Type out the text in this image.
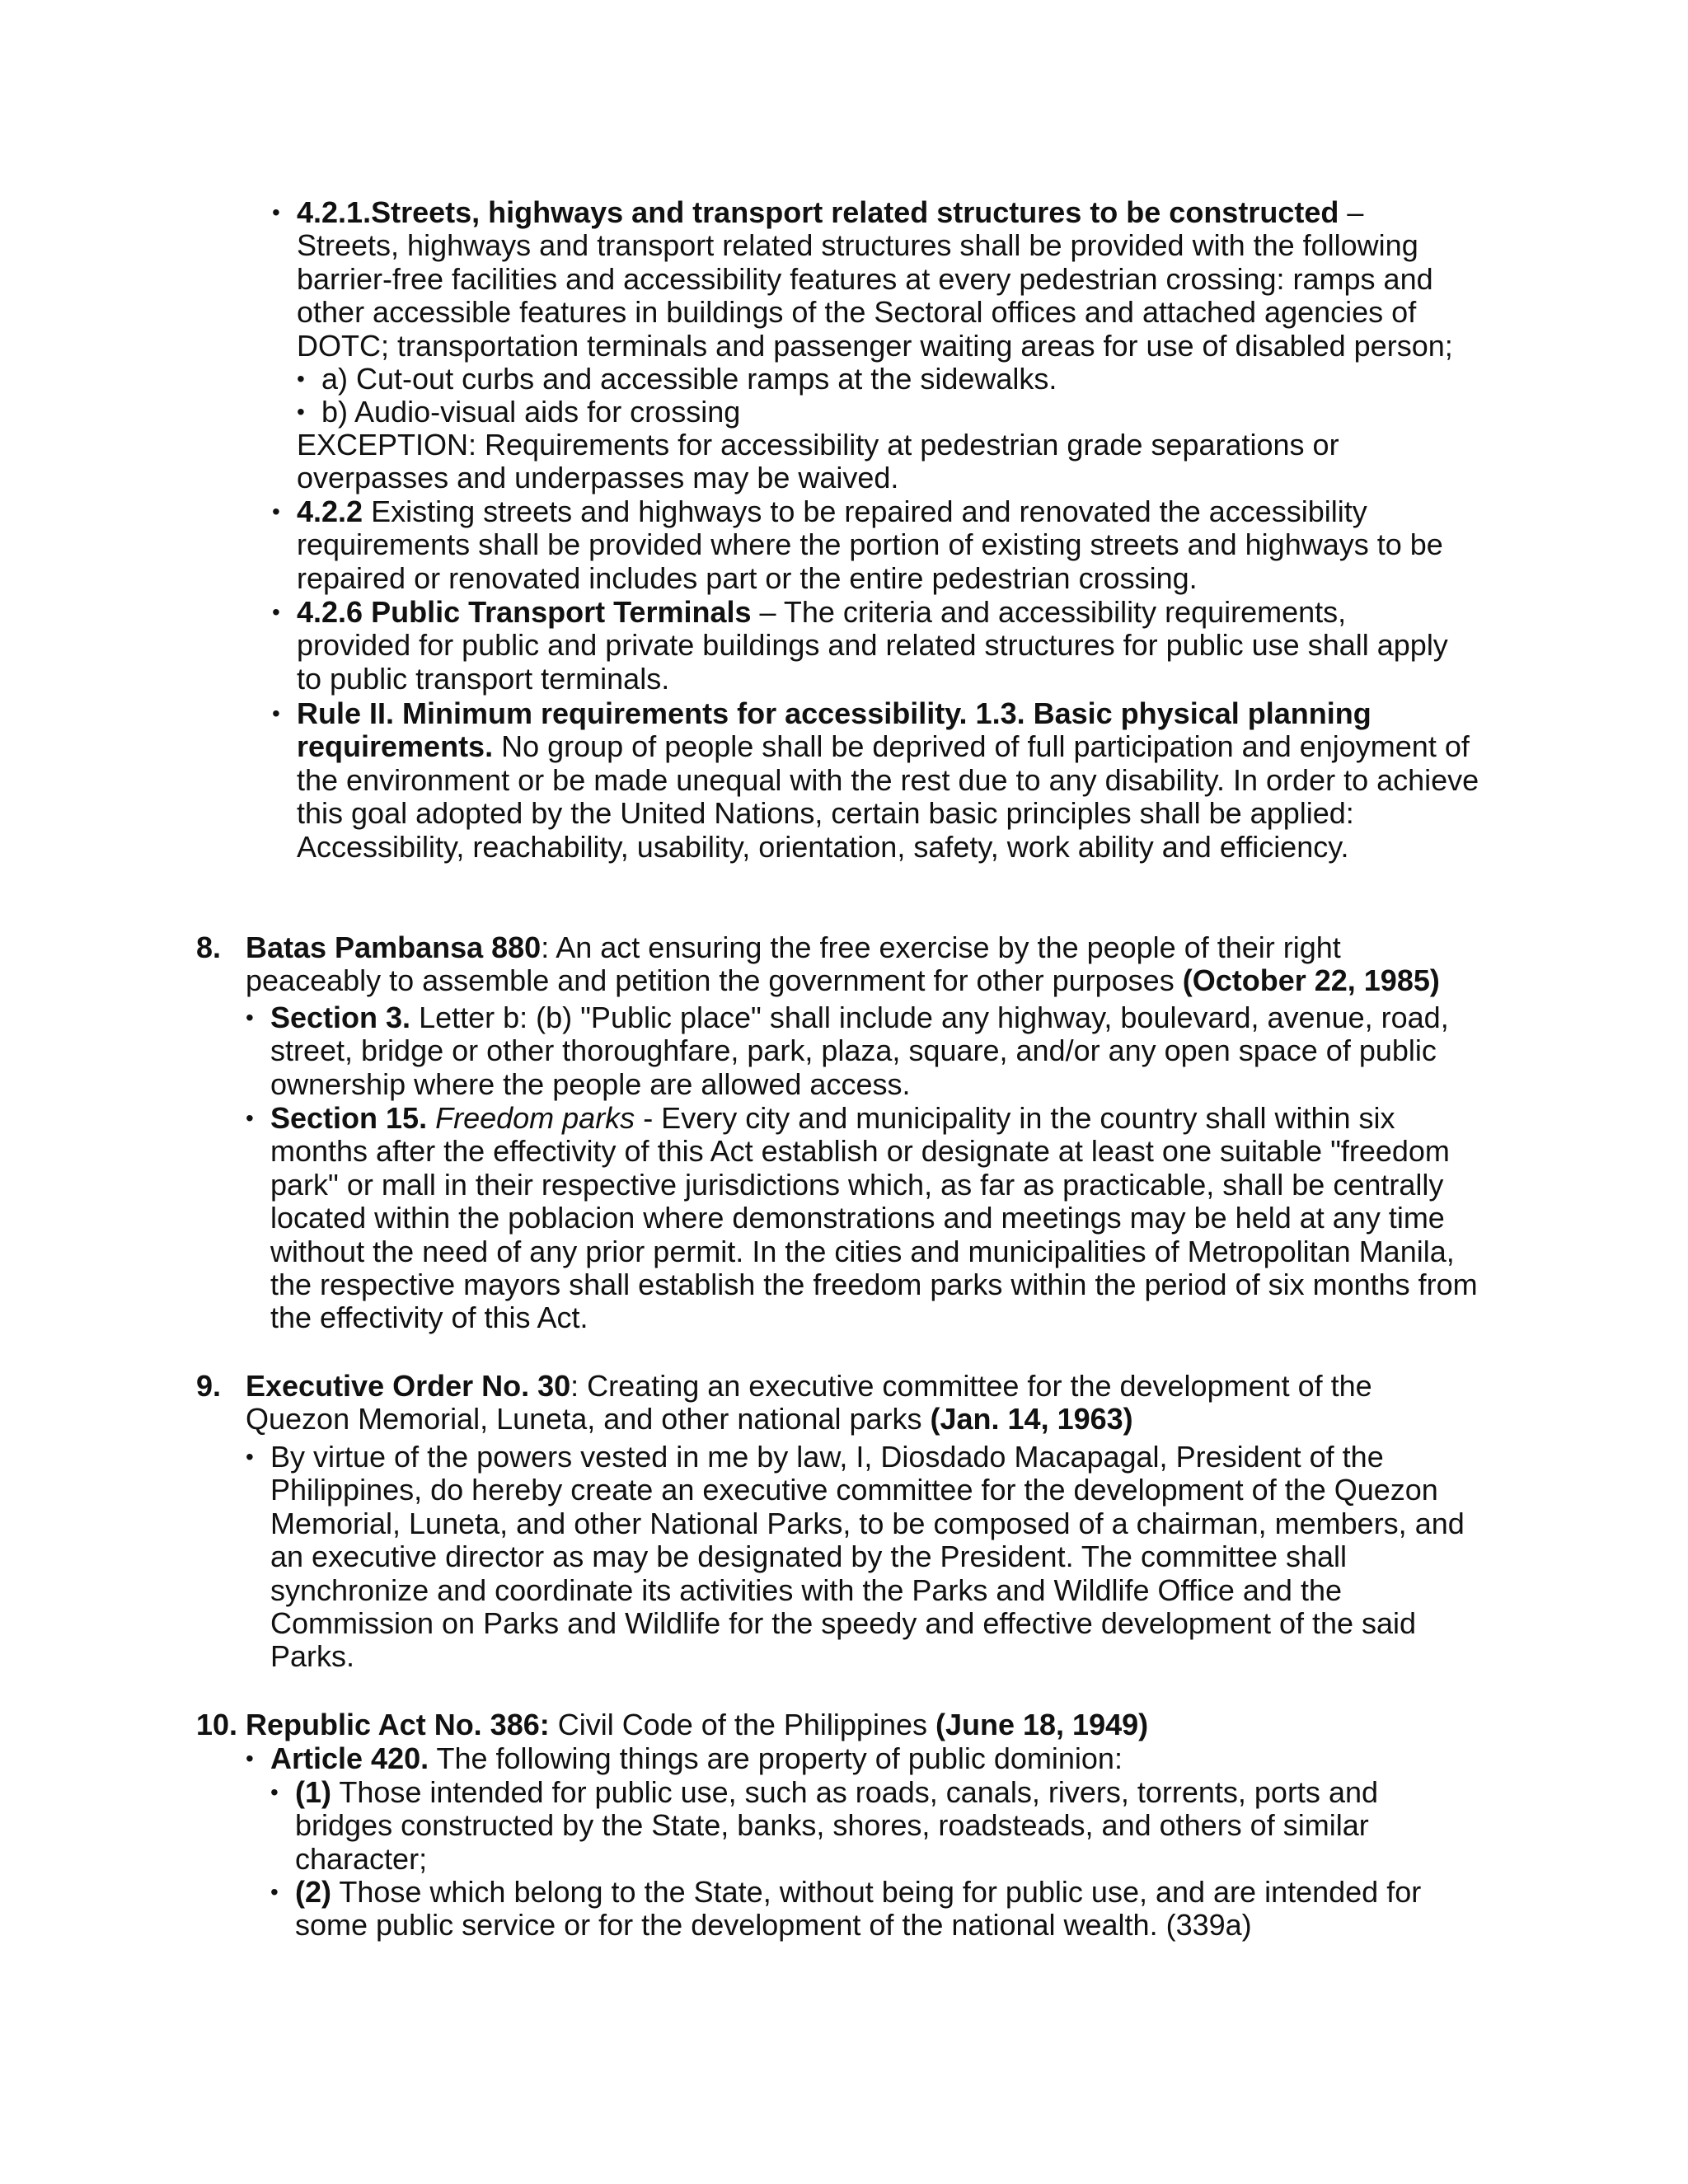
• 4.2.1.Streets, highways and transport related structures to be constructed –
Streets, highways and transport related structures shall be provided with the following barrier-free facilities and accessibility features at every pedestrian crossing: ramps and other accessible features in buildings of the Sectoral offices and attached agencies of DOTC; transportation terminals and passenger waiting areas for use of disabled person;
• a) Cut-out curbs and accessible ramps at the sidewalks.
• b) Audio-visual aids for crossing
EXCEPTION: Requirements for accessibility at pedestrian grade separations or overpasses and underpasses may be waived.
• 4.2.2 Existing streets and highways to be repaired and renovated the accessibility requirements shall be provided where the portion of existing streets and highways to be repaired or renovated includes part or the entire pedestrian crossing.
• 4.2.6 Public Transport Terminals – The criteria and accessibility requirements, provided for public and private buildings and related structures for public use shall apply to public transport terminals.
• Rule II. Minimum requirements for accessibility. 1.3. Basic physical planning requirements. No group of people shall be deprived of full participation and enjoyment of the environment or be made unequal with the rest due to any disability. In order to achieve this goal adopted by the United Nations, certain basic principles shall be applied: Accessibility, reachability, usability, orientation, safety, work ability and efficiency.
8. Batas Pambansa 880: An act ensuring the free exercise by the people of their right peaceably to assemble and petition the government for other purposes (October 22, 1985)
• Section 3. Letter b: (b) "Public place" shall include any highway, boulevard, avenue, road, street, bridge or other thoroughfare, park, plaza, square, and/or any open space of public ownership where the people are allowed access.
• Section 15. Freedom parks - Every city and municipality in the country shall within six months after the effectivity of this Act establish or designate at least one suitable "freedom park" or mall in their respective jurisdictions which, as far as practicable, shall be centrally located within the poblacion where demonstrations and meetings may be held at any time without the need of any prior permit. In the cities and municipalities of Metropolitan Manila, the respective mayors shall establish the freedom parks within the period of six months from the effectivity of this Act.
9. Executive Order No. 30: Creating an executive committee for the development of the Quezon Memorial, Luneta, and other national parks (Jan. 14, 1963)
• By virtue of the powers vested in me by law, I, Diosdado Macapagal, President of the Philippines, do hereby create an executive committee for the development of the Quezon Memorial, Luneta, and other National Parks, to be composed of a chairman, members, and an executive director as may be designated by the President. The committee shall synchronize and coordinate its activities with the Parks and Wildlife Office and the Commission on Parks and Wildlife for the speedy and effective development of the said Parks.
10. Republic Act No. 386: Civil Code of the Philippines (June 18, 1949)
• Article 420. The following things are property of public dominion:
• (1) Those intended for public use, such as roads, canals, rivers, torrents, ports and bridges constructed by the State, banks, shores, roadsteads, and others of similar character;
• (2) Those which belong to the State, without being for public use, and are intended for some public service or for the development of the national wealth. (339a)
